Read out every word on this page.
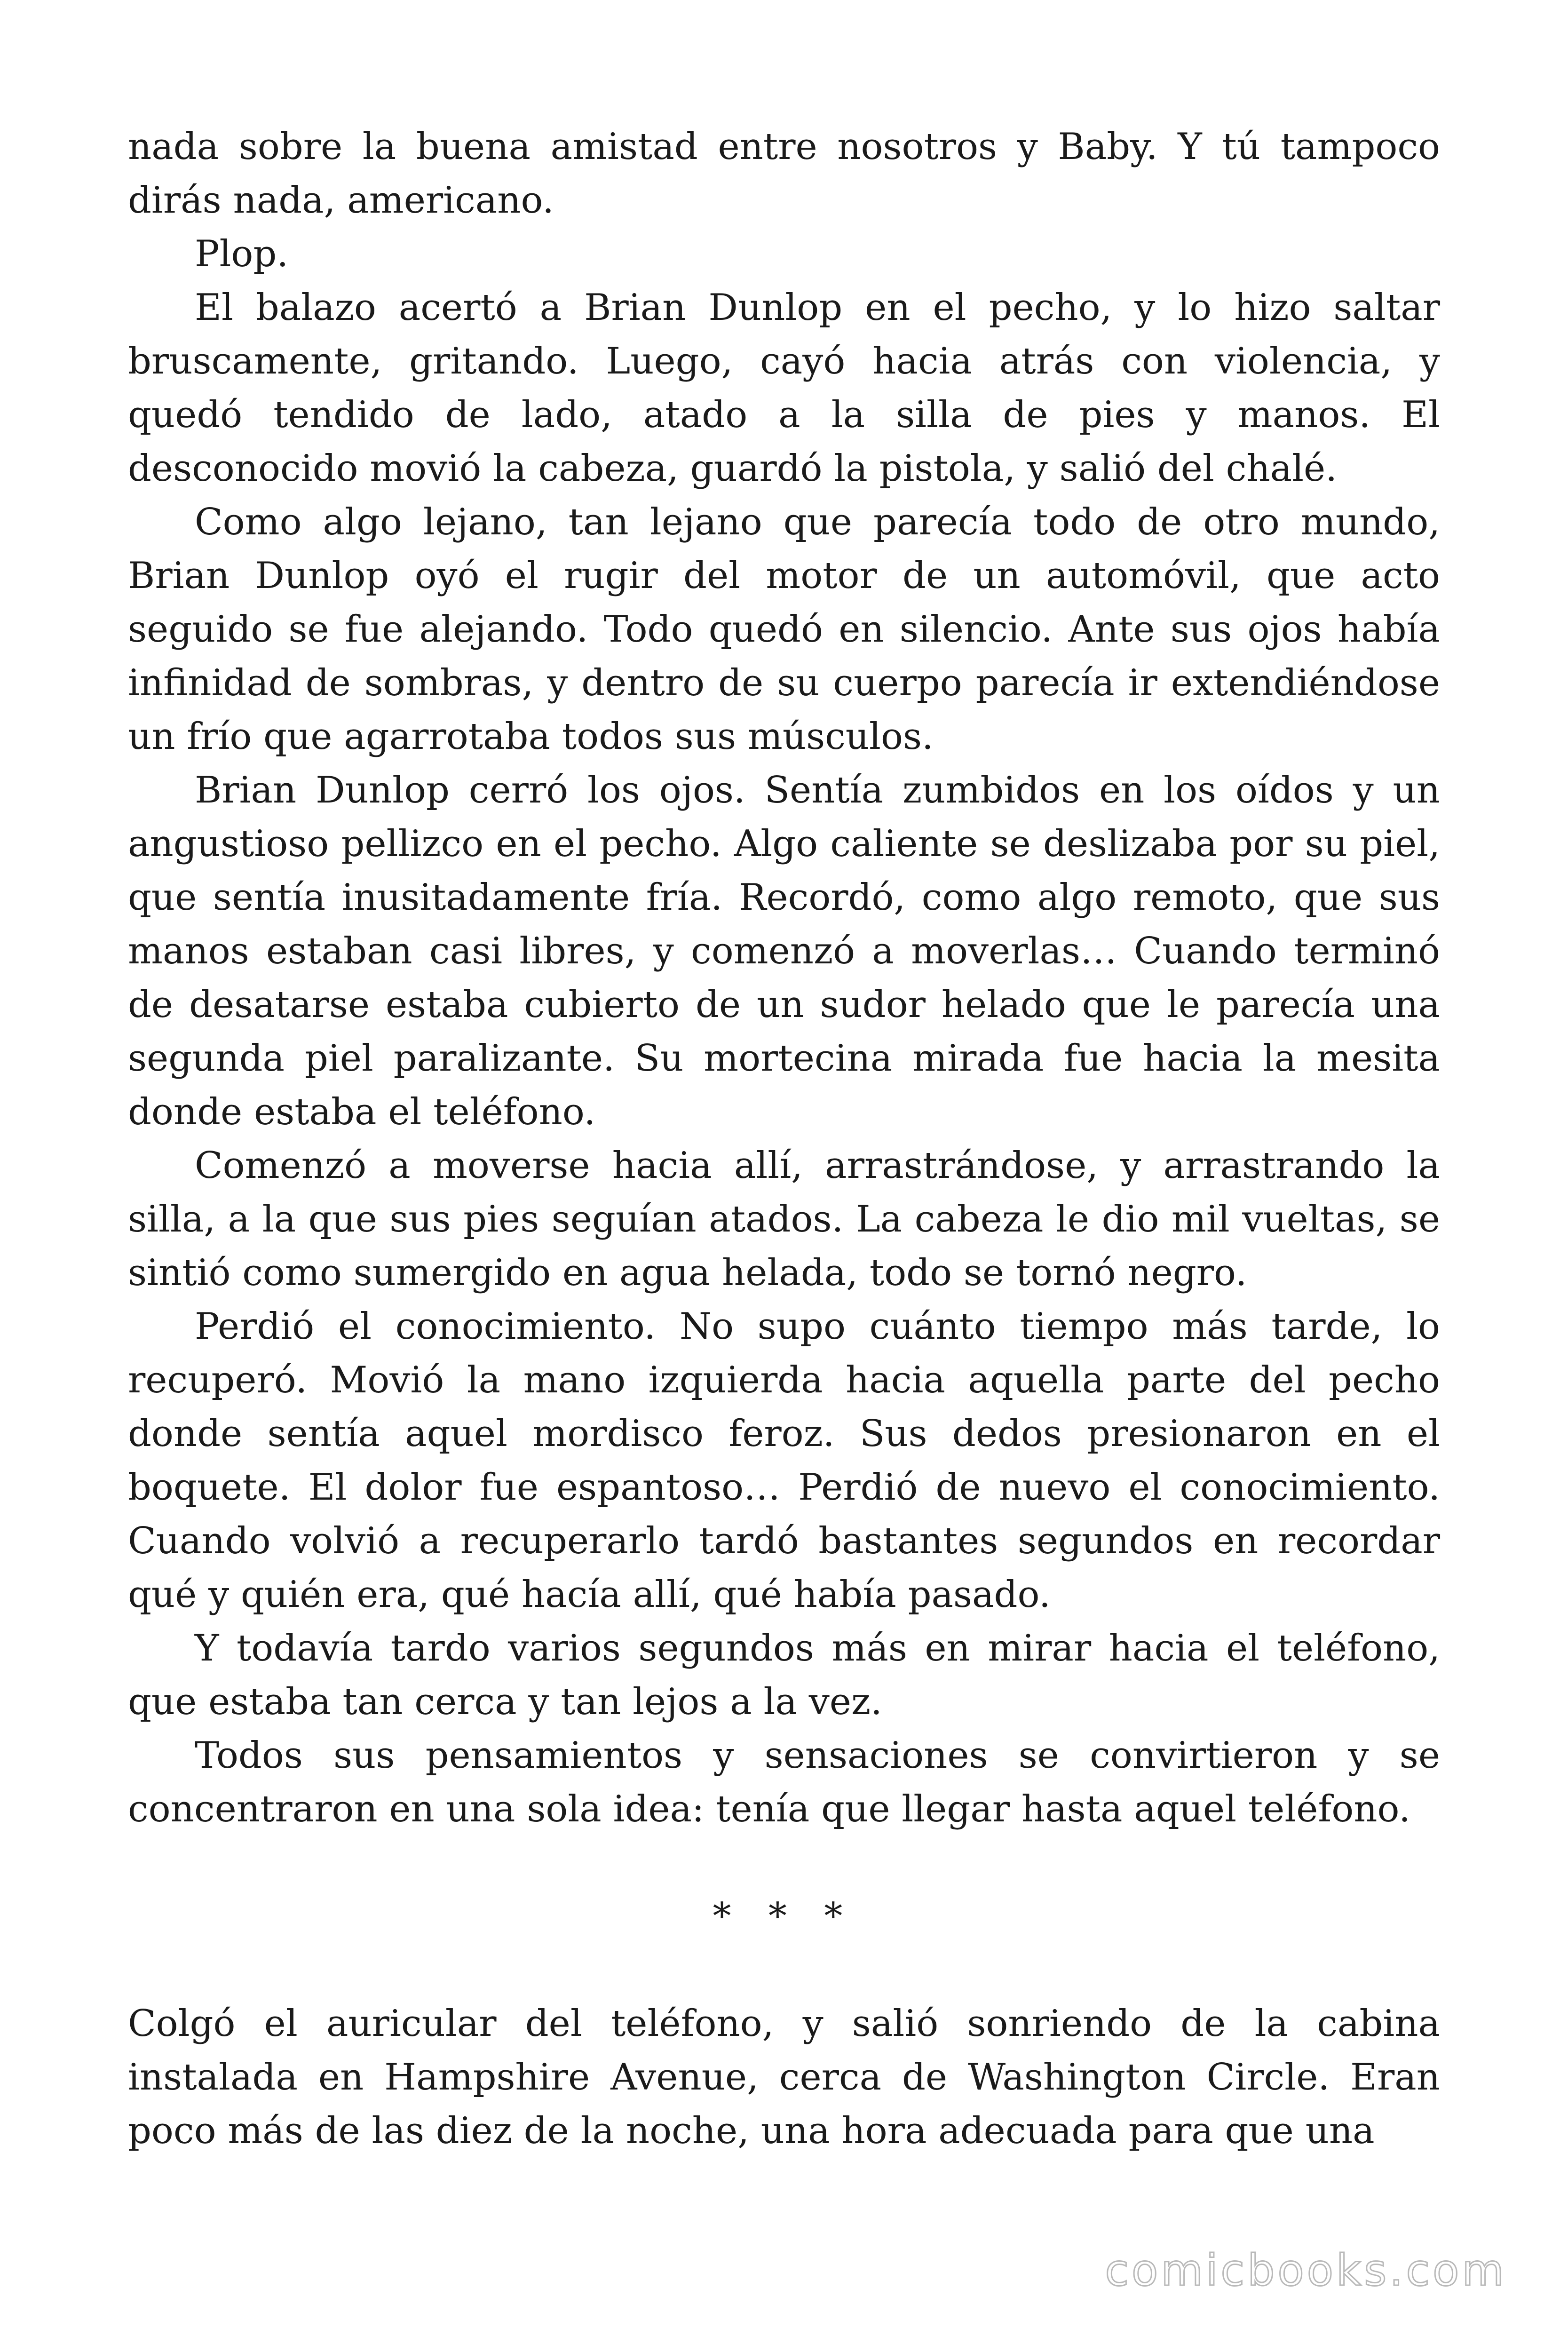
nada sobre la buena amistad entre nosotros y Baby. Y tú tampoco dirás nada, americano.

Plop.

El balazo acertó a Brian Dunlop en el pecho, y lo hizo saltar bruscamente, gritando. Luego, cayó hacia atrás con violencia, y quedó tendido de lado, atado a la silla de pies y manos. El desconocido movió la cabeza, guardó la pistola, y salió del chalé.

Como algo lejano, tan lejano que parecía todo de otro mundo, Brian Dunlop oyó el rugir del motor de un automóvil, que acto seguido se fue alejando. Todo quedó en silencio. Ante sus ojos había infinidad de sombras, y dentro de su cuerpo parecía ir extendiéndose un frío que agarrotaba todos sus músculos.

Brian Dunlop cerró los ojos. Sentía zumbidos en los oídos y un angustioso pellizco en el pecho. Algo caliente se deslizaba por su piel, que sentía inusitadamente fría. Recordó, como algo remoto, que sus manos estaban casi libres, y comenzó a moverlas… Cuando terminó de desatarse estaba cubierto de un sudor helado que le parecía una segunda piel paralizante. Su mortecina mirada fue hacia la mesita donde estaba el teléfono.

Comenzó a moverse hacia allí, arrastrándose, y arrastrando la silla, a la que sus pies seguían atados. La cabeza le dio mil vueltas, se sintió como sumergido en agua helada, todo se tornó negro.

Perdió el conocimiento. No supo cuánto tiempo más tarde, lo recuperó. Movió la mano izquierda hacia aquella parte del pecho donde sentía aquel mordisco feroz. Sus dedos presionaron en el boquete. El dolor fue espantoso… Perdió de nuevo el conocimiento. Cuando volvió a recuperarlo tardó bastantes segundos en recordar qué y quién era, qué hacía allí, qué había pasado.

Y todavía tardo varios segundos más en mirar hacia el teléfono, que estaba tan cerca y tan lejos a la vez.

Todos sus pensamientos y sensaciones se convirtieron y se concentraron en una sola idea: tenía que llegar hasta aquel teléfono.

* * *

Colgó el auricular del teléfono, y salió sonriendo de la cabina instalada en Hampshire Avenue, cerca de Washington Circle. Eran poco más de las diez de la noche, una hora adecuada para que una

comicbooks.com
